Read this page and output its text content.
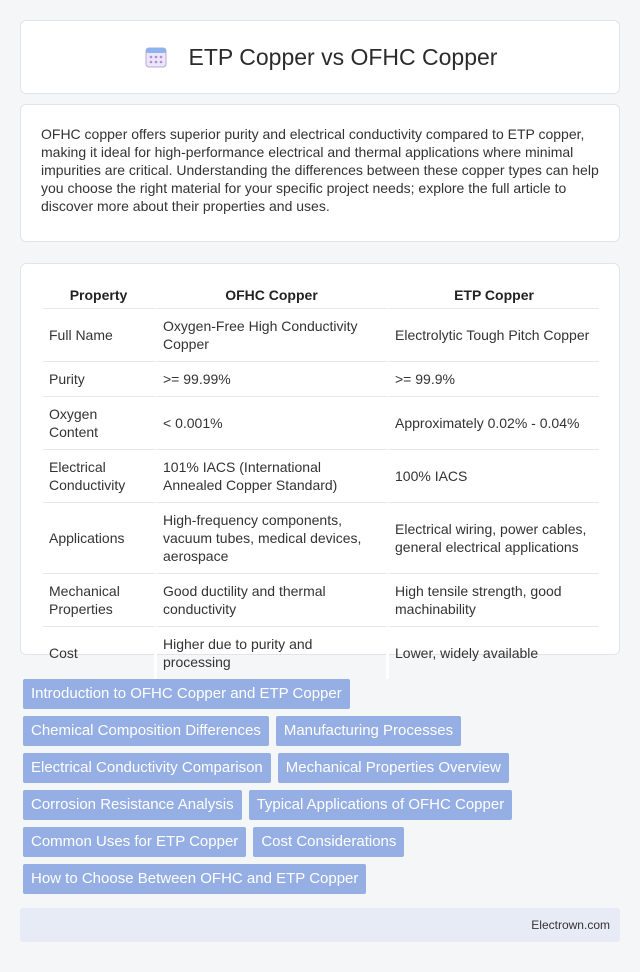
ETP Copper vs OFHC Copper

OFHC copper offers superior purity and electrical conductivity compared to ETP copper, making it ideal for high-performance electrical and thermal applications where minimal impurities are critical. Understanding the differences between these copper types can help you choose the right material for your specific project needs; explore the full article to discover more about their properties and uses.

Property	OFHC Copper	ETP Copper
Full Name	Oxygen-Free High Conductivity Copper	Electrolytic Tough Pitch Copper
Purity	>= 99.99%	>= 99.9%
Oxygen Content	< 0.001%	Approximately 0.02% - 0.04%
Electrical Conductivity	101% IACS (International Annealed Copper Standard)	100% IACS
Applications	High-frequency components, vacuum tubes, medical devices, aerospace	Electrical wiring, power cables, general electrical applications
Mechanical Properties	Good ductility and thermal conductivity	High tensile strength, good machinability
Cost	Higher due to purity and processing	Lower, widely available
Introduction to OFHC Copper and ETP Copper
Chemical Composition Differences	Manufacturing Processes
Electrical Conductivity Comparison	Mechanical Properties Overview
Corrosion Resistance Analysis	Typical Applications of OFHC Copper
Common Uses for ETP Copper	Cost Considerations
How to Choose Between OFHC and ETP Copper
Electrown.com
